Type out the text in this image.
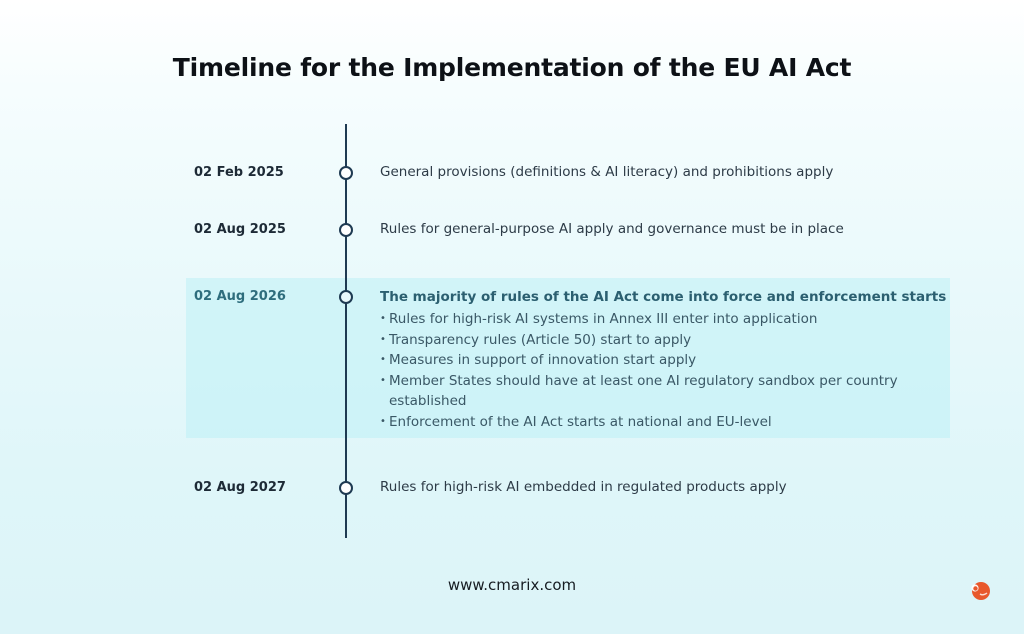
Timeline for the Implementation of the EU AI Act
02 Feb 2025	General provisions (definitions & AI literacy) and prohibitions apply
02 Aug 2025	Rules for general-purpose AI apply and governance must be in place
02 Aug 2026	The majority of rules of the AI Act come into force and enforcement starts
• Rules for high-risk AI systems in Annex III enter into application
• Transparency rules (Article 50) start to apply
• Measures in support of innovation start apply
• Member States should have at least one AI regulatory sandbox per country established
• Enforcement of the AI Act starts at national and EU-level
02 Aug 2027	Rules for high-risk AI embedded in regulated products apply
www.cmarix.com
